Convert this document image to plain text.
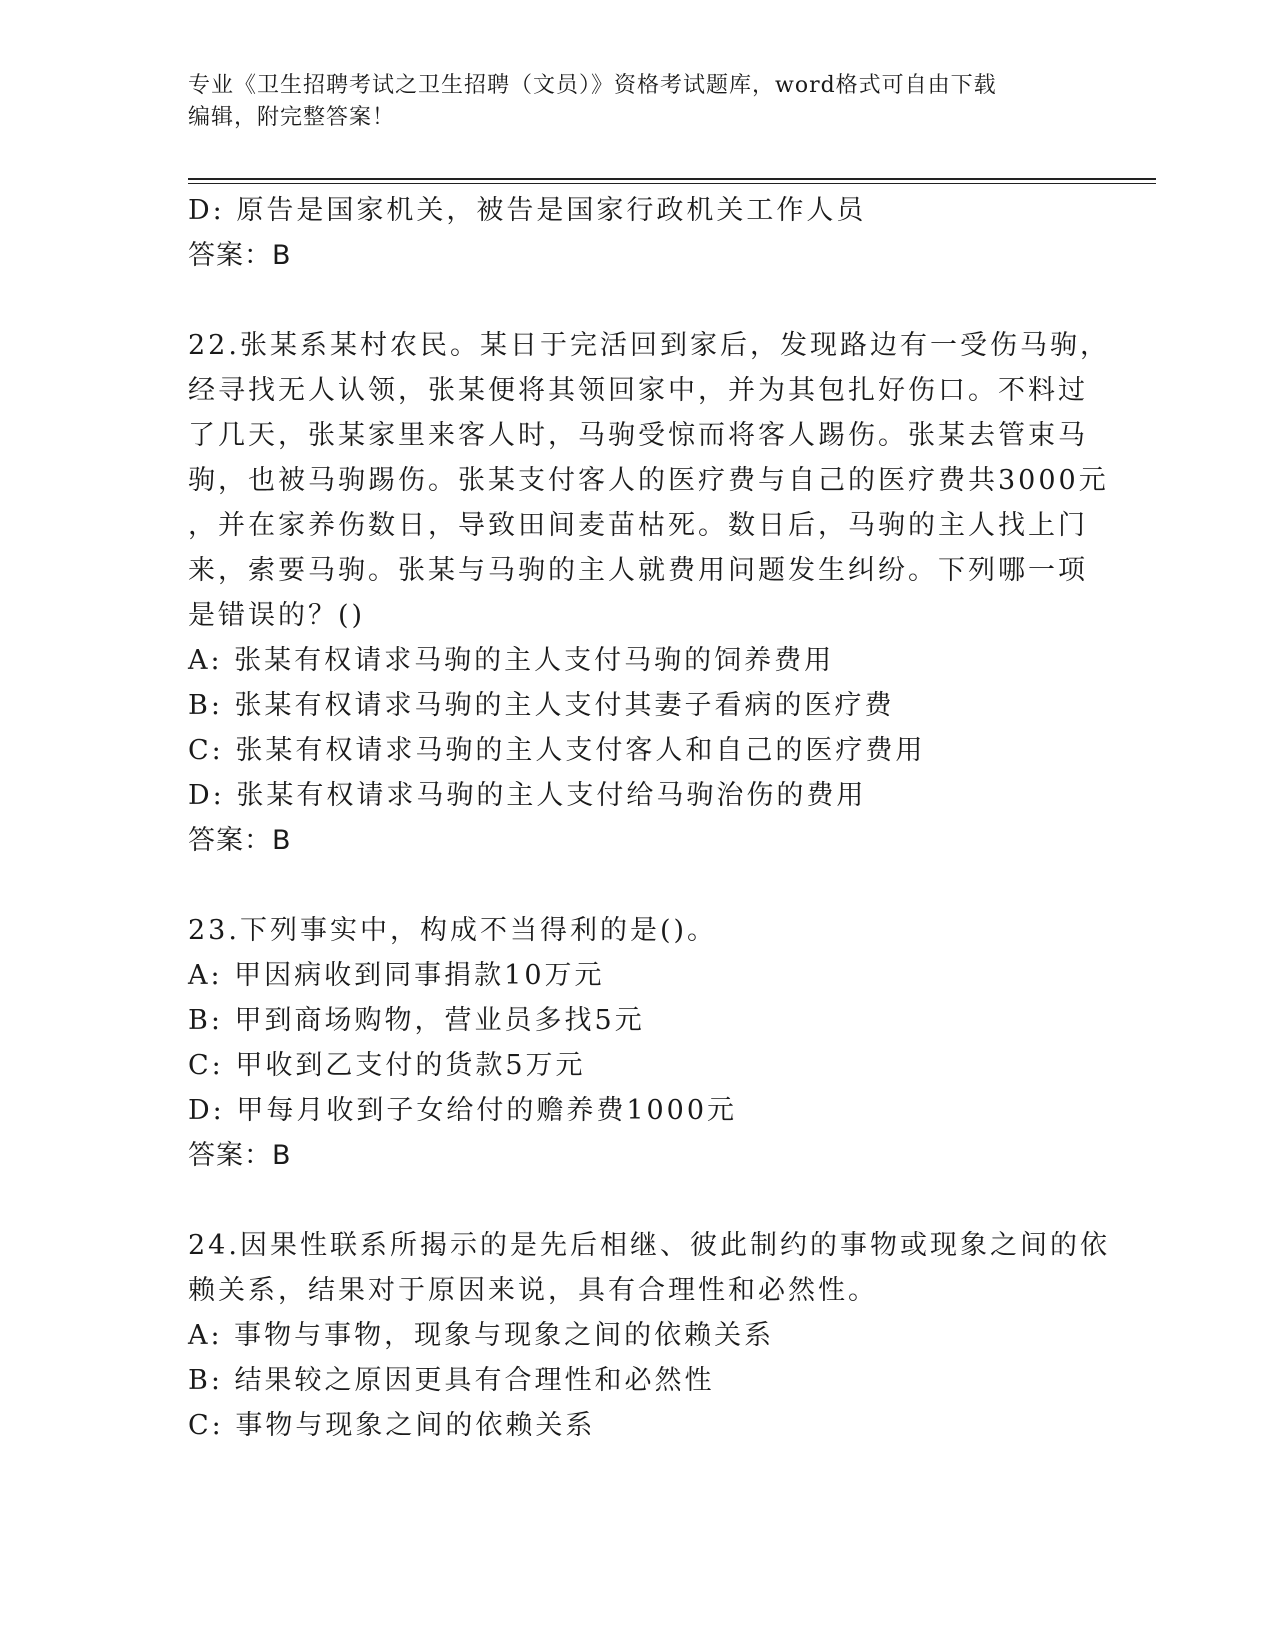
专业《卫生招聘考试之卫生招聘（文员）》资格考试题库，word格式可自由下载
编辑，附完整答案！
D: 原告是国家机关，被告是国家行政机关工作人员
答案：B
22.张某系某村农民。某日于完活回到家后，发现路边有一受伤马驹，
经寻找无人认领，张某便将其领回家中，并为其包扎好伤口。不料过
了几天，张某家里来客人时，马驹受惊而将客人踢伤。张某去管束马
驹，也被马驹踢伤。张某支付客人的医疗费与自己的医疗费共3000元
，并在家养伤数日，导致田间麦苗枯死。数日后，马驹的主人找上门
来，索要马驹。张某与马驹的主人就费用问题发生纠纷。下列哪一项
是错误的？()
A: 张某有权请求马驹的主人支付马驹的饲养费用
B: 张某有权请求马驹的主人支付其妻子看病的医疗费
C: 张某有权请求马驹的主人支付客人和自己的医疗费用
D: 张某有权请求马驹的主人支付给马驹治伤的费用
答案：B
23.下列事实中，构成不当得利的是()。
A: 甲因病收到同事捐款10万元
B: 甲到商场购物，营业员多找5元
C: 甲收到乙支付的货款5万元
D: 甲每月收到子女给付的赡养费1000元
答案：B
24.因果性联系所揭示的是先后相继、彼此制约的事物或现象之间的依
赖关系，结果对于原因来说，具有合理性和必然性。
A: 事物与事物，现象与现象之间的依赖关系
B: 结果较之原因更具有合理性和必然性
C: 事物与现象之间的依赖关系
